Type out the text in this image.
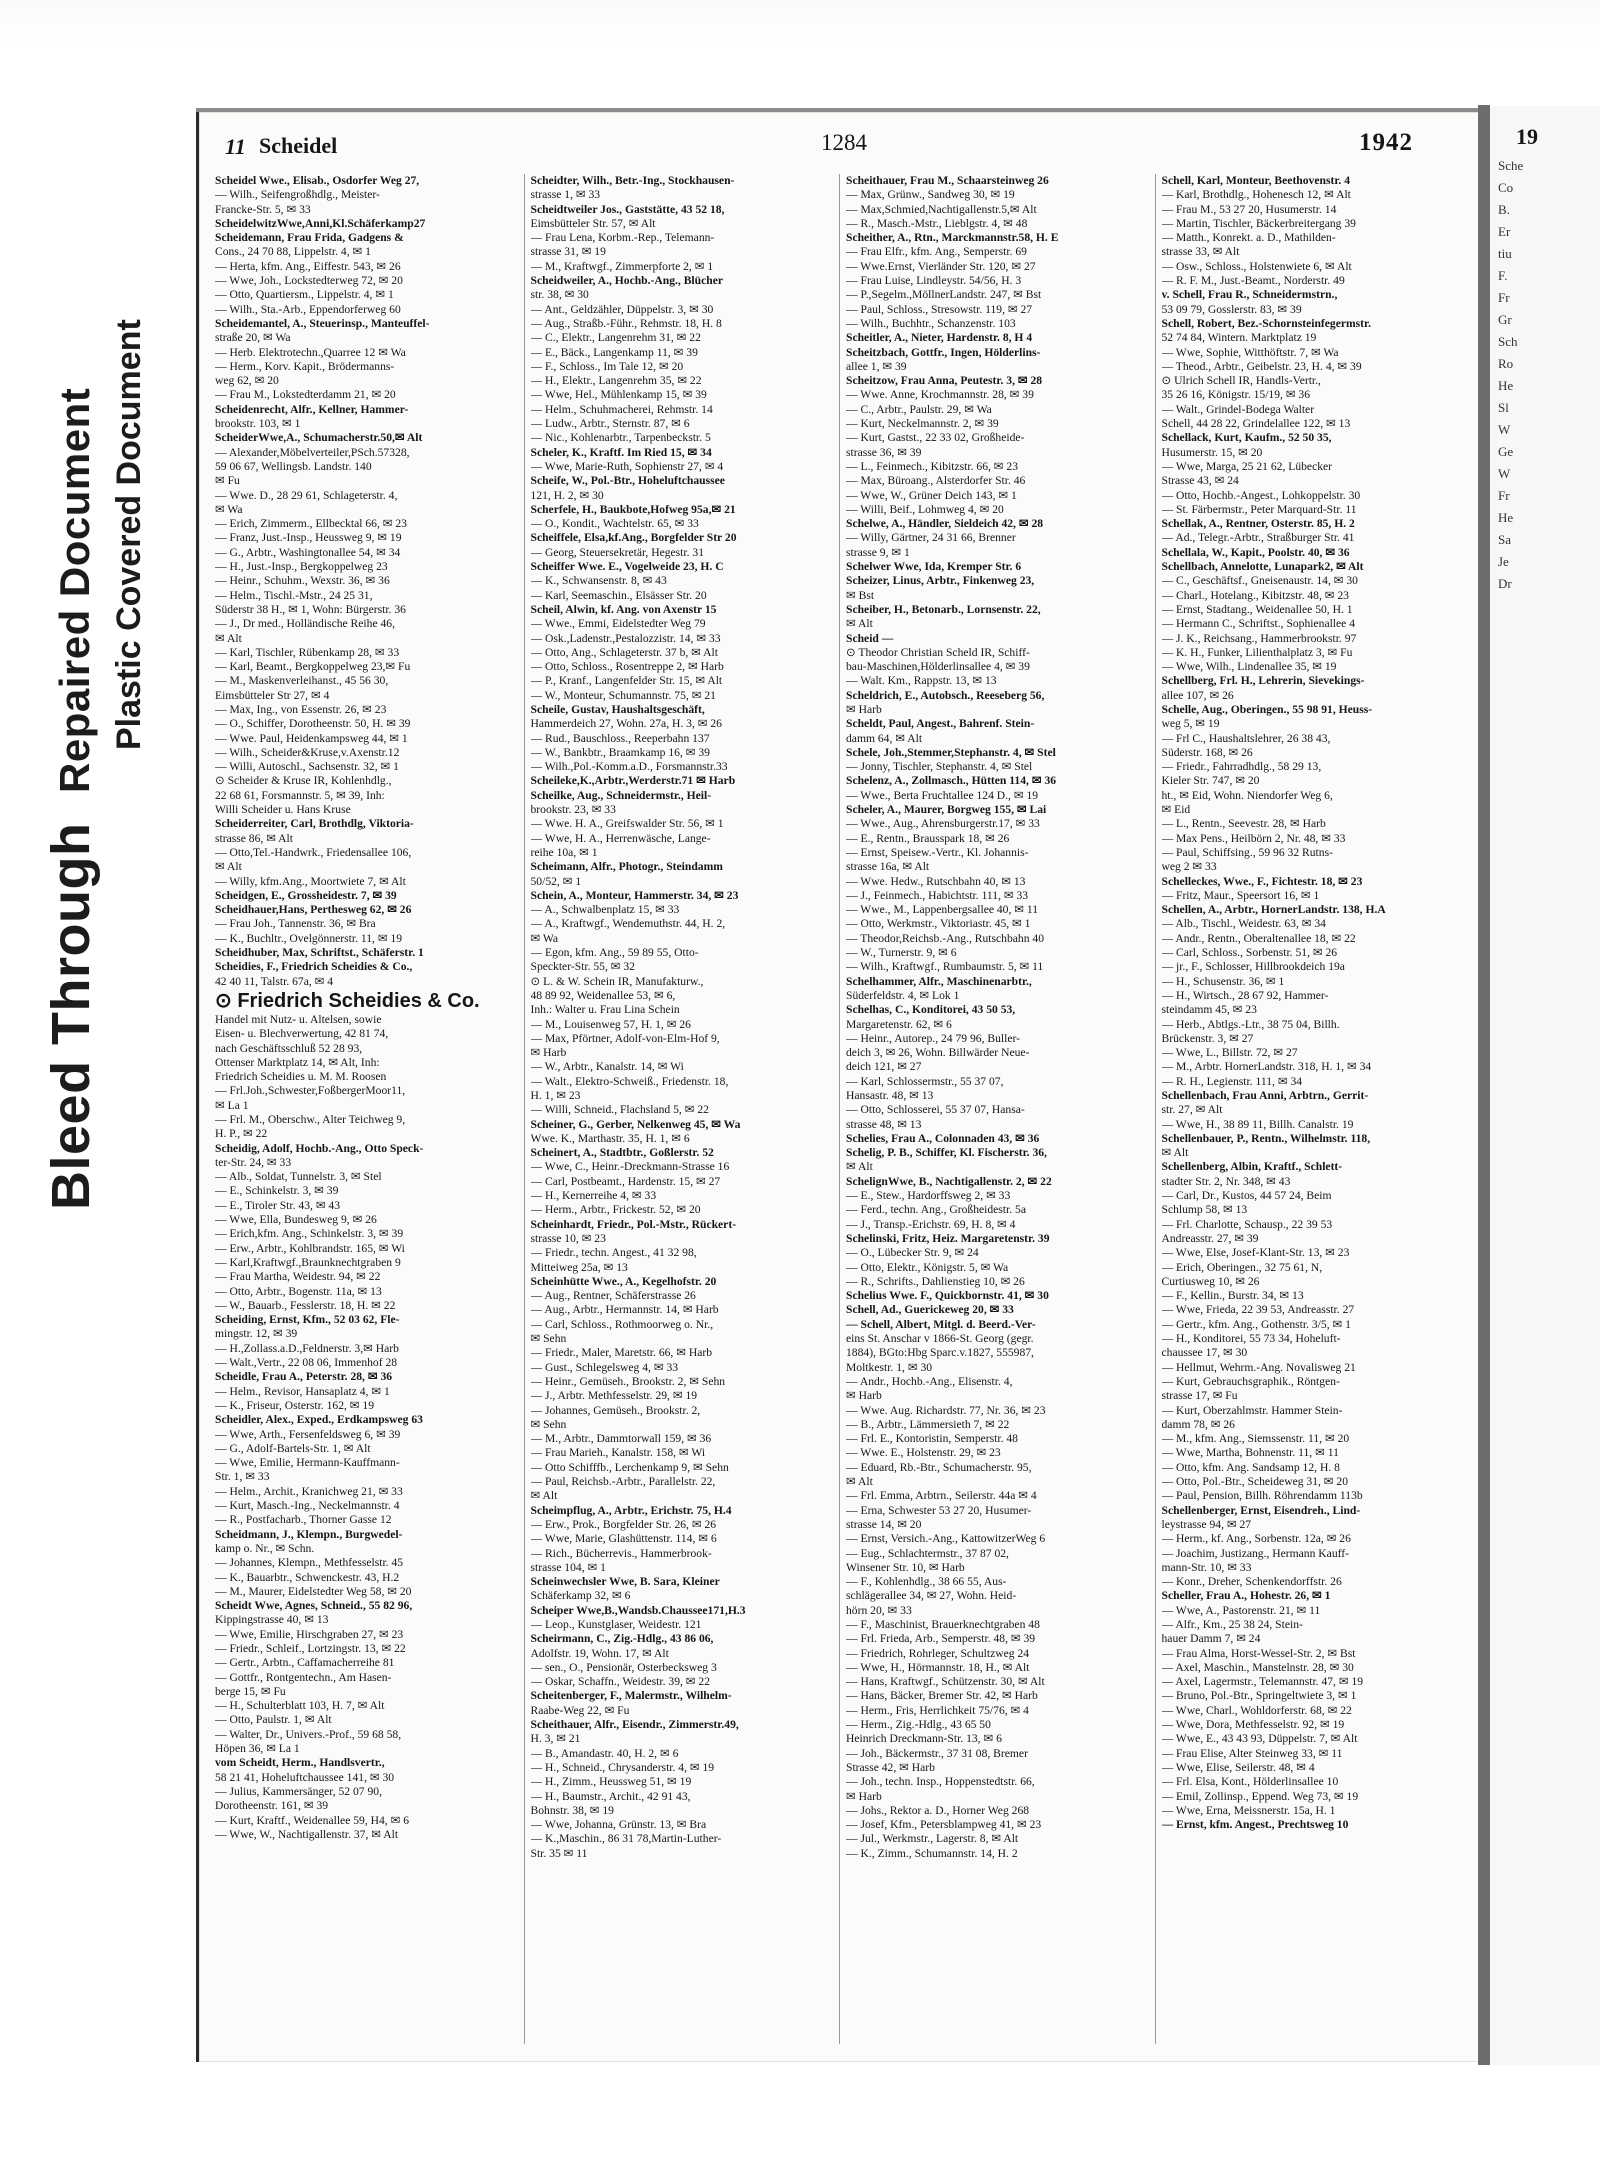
Bleed Through Repaired Document Plastic Covered Document
11 Scheidel	1284	1942

Scheidel Wwe., Elisab., Osdorfer Weg 27,

— Wilh., Seifengroßhdlg., Meister-

Francke-Str. 5, ✉ 33

ScheidelwitzWwe,Anni,Kl.Schäferkamp27

Scheidemann, Frau Frida, Gadgens &

Cons., 24 70 88, Lippelstr. 4, ✉ 1

— Herta, kfm. Ang., Eiffestr. 543, ✉ 26

— Wwe, Joh., Lockstedterweg 72, ✉ 20

— Otto, Quartiersm., Lippelstr. 4, ✉ 1

— Wilh., Sta.-Arb., Eppendorferweg 60

Scheidemantel, A., Steuerinsp., Manteuffel-

straße 20, ✉ Wa

— Herb. Elektrotechn.,Quarree 12 ✉ Wa

— Herm., Korv. Kapit., Brödermanns-

weg 62, ✉ 20

— Frau M., Lokstedterdamm 21, ✉ 20

Scheidenrecht, Alfr., Kellner, Hammer-

brookstr. 103, ✉ 1

ScheiderWwe,A., Schumacherstr.50,✉ Alt

— Alexander,Möbelverteiler,PSch.57328,

59 06 67, Wellingsb. Landstr. 140

✉ Fu

— Wwe. D., 28 29 61, Schlageterstr. 4,

✉ Wa

— Erich, Zimmerm., Ellbecktal 66, ✉ 23

— Franz, Just.-Insp., Heussweg 9, ✉ 19

— G., Arbtr., Washingtonallee 54, ✉ 34

— H., Just.-Insp., Bergkoppelweg 23

— Heinr., Schuhm., Wexstr. 36, ✉ 36

— Helm., Tischl.-Mstr., 24 25 31,

Süderstr 38 H., ✉ 1, Wohn: Bürgerstr. 36

— J., Dr med., Holländische Reihe 46,

✉ Alt

— Karl, Tischler, Rübenkamp 28, ✉ 33

— Karl, Beamt., Bergkoppelweg 23,✉ Fu

— M., Maskenverleihanst., 45 56 30,

Eimsbütteler Str 27, ✉ 4

— Max, Ing., von Essenstr. 26, ✉ 23

— O., Schiffer, Dorotheenstr. 50, H. ✉ 39

— Wwe. Paul, Heidenkampsweg 44, ✉ 1

— Wilh., Scheider&Kruse,v.Axenstr.12

— Willi, Autoschl., Sachsenstr. 32, ✉ 1

⊙ Scheider & Kruse IR, Kohlenhdlg.,

22 68 61, Forsmannstr. 5, ✉ 39, Inh:

Willi Scheider u. Hans Kruse

Scheiderreiter, Carl, Brothdlg, Viktoria-

strasse 86, ✉ Alt

— Otto,Tel.-Handwrk., Friedensallee 106,

✉ Alt

— Willy, kfm.Ang., Moortwiete 7, ✉ Alt

Scheidgen, E., Grossheidestr. 7, ✉ 39

Scheidhauer,Hans, Perthesweg 62, ✉ 26

— Frau Joh., Tannenstr. 36, ✉ Bra

— K., Buchltr., Ovelgönnerstr. 11, ✉ 19

Scheidhuber, Max, Schriftst., Schäferstr. 1

Scheidies, F., Friedrich Scheidies & Co.,

42 40 11, Talstr. 67a, ✉ 4

⊙ Friedrich Scheidies & Co.

Handel mit Nutz- u. Altelsen, sowie

Eisen- u. Blechverwertung, 42 81 74,

nach Geschäftsschluß 52 28 93,

Ottenser Marktplatz 14, ✉ Alt, Inh:

Friedrich Scheidies u. M. M. Roosen

— Frl.Joh.,Schwester,FoßbergerMoor11,

✉ La 1

— Frl. M., Oberschw., Alter Teichweg 9,

H. P., ✉ 22

Scheidig, Adolf, Hochb.-Ang., Otto Speck-

ter-Str. 24, ✉ 33

— Alb., Soldat, Tunnelstr. 3, ✉ Stel

— E., Schinkelstr. 3, ✉ 39

— E., Tiroler Str. 43, ✉ 43

— Wwe, Ella, Bundesweg 9, ✉ 26

— Erich,kfm. Ang., Schinkelstr. 3, ✉ 39

— Erw., Arbtr., Kohlbrandstr. 165, ✉ Wi

— Karl,Kraftwgf.,Braunknechtgraben 9

— Frau Martha, Weidestr. 94, ✉ 22

— Otto, Arbtr., Bogenstr. 11a, ✉ 13

— W., Bauarb., Fesslerstr. 18, H. ✉ 22

Scheiding, Ernst, Kfm., 52 03 62, Fle-

mingstr. 12, ✉ 39

— H.,Zollass.a.D.,Feldnerstr. 3,✉ Harb

— Walt.,Vertr., 22 08 06, Immenhof 28

Scheidle, Frau A., Peterstr. 28, ✉ 36

— Helm., Revisor, Hansaplatz 4, ✉ 1

— K., Friseur, Osterstr. 162, ✉ 19

Scheidler, Alex., Exped., Erdkampsweg 63

— Wwe, Arth., Fersenfeldsweg 6, ✉ 39

— G., Adolf-Bartels-Str. 1, ✉ Alt

— Wwe, Emilie, Hermann-Kauffmann-

Str. 1, ✉ 33

— Helm., Archit., Kranichweg 21, ✉ 33

— Kurt, Masch.-Ing., Neckelmannstr. 4

— R., Postfacharb., Thorner Gasse 12

Scheidmann, J., Klempn., Burgwedel-

kamp o. Nr., ✉ Schn.

— Johannes, Klempn., Methfesselstr. 45

— K., Bauarbtr., Schwenckestr. 43, H.2

— M., Maurer, Eidelstedter Weg 58, ✉ 20

Scheidt Wwe, Agnes, Schneid., 55 82 96,

Kippingstrasse 40, ✉ 13

— Wwe, Emilie, Hirschgraben 27, ✉ 23

— Friedr., Schleif., Lortzingstr. 13, ✉ 22

— Gertr., Arbtn., Caffamacherreihe 81

— Gottfr., Rontgentechn., Am Hasen-

berge 15, ✉ Fu

— H., Schulterblatt 103, H. 7, ✉ Alt

— Otto, Paulstr. 1, ✉ Alt

— Walter, Dr., Univers.-Prof., 59 68 58,

Höpen 36, ✉ La 1

vom Scheidt, Herm., Handlsvertr.,

58 21 41, Hoheluftchaussee 141, ✉ 30

— Julius, Kammersänger, 52 07 90,

Dorotheenstr. 161, ✉ 39

— Kurt, Kraftf., Weidenallee 59, H4, ✉ 6

— Wwe, W., Nachtigallenstr. 37, ✉ Alt

Scheidter, Wilh., Betr.-Ing., Stockhausen-

strasse 1, ✉ 33

Scheidtweiler Jos., Gaststätte, 43 52 18,

Eimsbütteler Str. 57, ✉ Alt

— Frau Lena, Korbm.-Rep., Telemann-

strasse 31, ✉ 19

— M., Kraftwgf., Zimmerpforte 2, ✉ 1

Scheidweiler, A., Hochb.-Ang., Blücher

str. 38, ✉ 30

— Ant., Geldzähler, Düppelstr. 3, ✉ 30

— Aug., Straßb.-Führ., Rehmstr. 18, H. 8

— C., Elektr., Langenrehm 31, ✉ 22

— E., Bäck., Langenkamp 11, ✉ 39

— F., Schloss., Im Tale 12, ✉ 20

— H., Elektr., Langenrehm 35, ✉ 22

— Wwe, Hel., Mühlenkamp 15, ✉ 39

— Helm., Schuhmacherei, Rehmstr. 14

— Ludw., Arbtr., Sternstr. 87, ✉ 6

— Nic., Kohlenarbtr., Tarpenbeckstr. 5

Scheler, K., Kraftf. Im Ried 15, ✉ 34

— Wwe, Marie-Ruth, Sophienstr 27, ✉ 4

Scheife, W., Pol.-Btr., Hoheluftchaussee

121, H. 2, ✉ 30

Scherfele, H., Baukbote,Hofweg 95a,✉ 21

— O., Kondit., Wachtelstr. 65, ✉ 33

Scheiffele, Elsa,kf.Ang., Borgfelder Str 20

— Georg, Steuersekretär, Hegestr. 31

Scheiffer Wwe. E., Vogelweide 23, H. C

— K., Schwansenstr. 8, ✉ 43

— Karl, Seemaschin., Elsässer Str. 20

Scheil, Alwin, kf. Ang. von Axenstr 15

— Wwe., Emmi, Eidelstedter Weg 79

— Osk.,Ladenstr.,Pestalozzistr. 14, ✉ 33

— Otto, Ang., Schlageterstr. 37 b, ✉ Alt

— Otto, Schloss., Rosentreppe 2, ✉ Harb

— P., Kranf., Langenfelder Str. 15, ✉ Alt

— W., Monteur, Schumannstr. 75, ✉ 21

Scheile, Gustav, Haushaltsgeschäft,

Hammerdeich 27, Wohn. 27a, H. 3, ✉ 26

— Rud., Bauschloss., Reeperbahn 137

— W., Bankbtr., Braamkamp 16, ✉ 39

— Wilh.,Pol.-Komm.a.D., Forsmannstr.33

Scheileke,K.,Arbtr.,Werderstr.71 ✉ Harb

Scheilke, Aug., Schneidermstr., Heil-

brookstr. 23, ✉ 33

— Wwe. H. A., Greifswalder Str. 56, ✉ 1

— Wwe, H. A., Herrenwäsche, Lange-

reihe 10a, ✉ 1

Scheimann, Alfr., Photogr., Steindamm

50/52, ✉ 1

Schein, A., Monteur, Hammerstr. 34, ✉ 23

— A., Schwalbenplatz 15, ✉ 33

— A., Kraftwgf., Wendemuthstr. 44, H. 2,

✉ Wa

— Egon, kfm. Ang., 59 89 55, Otto-

Speckter-Str. 55, ✉ 32

⊙ L. & W. Schein IR, Manufakturw.,

48 89 92, Weidenallee 53, ✉ 6,

Inh.: Walter u. Frau Lina Schein

— M., Louisenweg 57, H. 1, ✉ 26

— Max, Pförtner, Adolf-von-Elm-Hof 9,

✉ Harb

— W., Arbtr., Kanalstr. 14, ✉ Wi

— Walt., Elektro-Schweiß., Friedenstr. 18,

H. 1, ✉ 23

— Willi, Schneid., Flachsland 5, ✉ 22

Scheiner, G., Gerber, Nelkenweg 45, ✉ Wa

Wwe. K., Marthastr. 35, H. 1, ✉ 6

Scheinert, A., Stadtbtr., Goßlerstr. 52

— Wwe, C., Heinr.-Dreckmann-Strasse 16

— Carl, Postbeamt., Hardenstr. 15, ✉ 27

— H., Kernerreihe 4, ✉ 33

— Herm., Arbtr., Frickestr. 52, ✉ 20

Scheinhardt, Friedr., Pol.-Mstr., Rückert-

strasse 10, ✉ 23

— Friedr., techn. Angest., 41 32 98,

Mitteiweg 25a, ✉ 13

Scheinhütte Wwe., A., Kegelhofstr. 20

— Aug., Rentner, Schäferstrasse 26

— Aug., Arbtr., Hermannstr. 14, ✉ Harb

— Carl, Schloss., Rothmoorweg o. Nr.,

✉ Sehn

— Friedr., Maler, Maretstr. 66, ✉ Harb

— Gust., Schlegelsweg 4, ✉ 33

— Heinr., Gemüseh., Brookstr. 2, ✉ Sehn

— J., Arbtr. Methfesselstr. 29, ✉ 19

— Johannes, Gemüseh., Brookstr. 2,

✉ Sehn

— M., Arbtr., Dammtorwall 159, ✉ 36

— Frau Marieh., Kanalstr. 158, ✉ Wi

— Otto Schifffb., Lerchenkamp 9, ✉ Sehn

— Paul, Reichsb.-Arbtr., Parallelstr. 22,

✉ Alt

Scheimpflug, A., Arbtr., Erichstr. 75, H.4

— Erw., Prok., Borgfelder Str. 26, ✉ 26

— Wwe, Marie, Glashüttenstr. 114, ✉ 6

— Rich., Bücherrevis., Hammerbrook-

strasse 104, ✉ 1

Scheinwechsler Wwe, B. Sara, Kleiner

Schäferkamp 32, ✉ 6

Scheiper Wwe,B.,Wandsb.Chaussee171,H.3

— Leop., Kunstglaser, Weidestr. 121

Scheirmann, C., Zig.-Hdlg., 43 86 06,

Adolfstr. 19, Wohn. 17, ✉ Alt

— sen., O., Pensionär, Osterbecksweg 3

— Oskar, Schaffn., Weidestr. 39, ✉ 22

Scheitenberger, F., Malermstr., Wilhelm-

Raabe-Weg 22, ✉ Fu

Scheithauer, Alfr., Eisendr., Zimmerstr.49,

H. 3, ✉ 21

— B., Amandastr. 40, H. 2, ✉ 6

— H., Schneid., Chrysanderstr. 4, ✉ 19

— H., Zimm., Heussweg 51, ✉ 19

— H., Baumstr., Archit., 42 91 43,

Bohnstr. 38, ✉ 19

— Wwe, Johanna, Grünstr. 13, ✉ Bra

— K.,Maschin., 86 31 78,Martin-Luther-

Str. 35 ✉ 11

Scheithauer, Frau M., Schaarsteinweg 26

— Max, Grünw., Sandweg 30, ✉ 19

— Max,Schmied,Nachtigallenstr.5,✉ Alt

— R., Masch.-Mstr., Lieblgstr. 4, ✉ 48

Scheither, A., Rtn., Marckmannstr.58, H. E

— Frau Elfr., kfm. Ang., Semperstr. 69

— Wwe.Ernst, Vierländer Str. 120, ✉ 27

— Frau Luise, Lindleystr. 54/56, H. 3

— P.,Segelm.,MöllnerLandstr. 247, ✉ Bst

— Paul, Schloss., Stresowstr. 119, ✉ 27

— Wilh., Buchhtr., Schanzenstr. 103

Scheitler, A., Nieter, Hardenstr. 8, H 4

Scheitzbach, Gottfr., Ingen, Hölderlins-

allee 1, ✉ 39

Scheitzow, Frau Anna, Peutestr. 3, ✉ 28

— Wwe. Anne, Krochmannstr. 28, ✉ 39

— C., Arbtr., Paulstr. 29, ✉ Wa

— Kurt, Neckelmannstr. 2, ✉ 39

— Kurt, Gastst., 22 33 02, Großheide-

strasse 36, ✉ 39

— L., Feinmech., Kibitzstr. 66, ✉ 23

— Max, Büroang., Alsterdorfer Str. 46

— Wwe, W., Grüner Deich 143, ✉ 1

— Willi, Beif., Lohmweg 4, ✉ 20

Schelwe, A., Händler, Sieldeich 42, ✉ 28

— Willy, Gärtner, 24 31 66, Brenner

strasse 9, ✉ 1

Schelwer Wwe, Ida, Kremper Str. 6

Scheizer, Linus, Arbtr., Finkenweg 23,

✉ Bst

Scheiber, H., Betonarb., Lornsenstr. 22,

✉ Alt

Scheid —

⊙ Theodor Christian Scheld IR, Schiff-

bau-Maschinen,Hölderlinsallee 4, ✉ 39

— Walt. Km., Rappstr. 13, ✉ 13

Scheldrich, E., Autobsch., Reeseberg 56,

✉ Harb

Scheldt, Paul, Angest., Bahrenf. Stein-

damm 64, ✉ Alt

Schele, Joh.,Stemmer,Stephanstr. 4, ✉ Stel

— Jonny, Tischler, Stephanstr. 4, ✉ Stel

Schelenz, A., Zollmasch., Hütten 114, ✉ 36

— Wwe., Berta Fruchtallee 124 D., ✉ 19

Scheler, A., Maurer, Borgweg 155, ✉ Lai

— Wwe., Aug., Ahrensburgerstr.17, ✉ 33

— E., Rentn., Brausspark 18, ✉ 26

— Ernst, Speisew.-Vertr., Kl. Johannis-

strasse 16a, ✉ Alt

— Wwe. Hedw., Rutschbahn 40, ✉ 13

— J., Feinmech., Habichtstr. 111, ✉ 33

— Wwe., M., Lappenbergsallee 40, ✉ 11

— Otto, Werkmstr., Viktoriastr. 45, ✉ 1

— Theodor,Reichsb.-Ang., Rutschbahn 40

— W., Turnerstr. 9, ✉ 6

— Wilh., Kraftwgf., Rumbaumstr. 5, ✉ 11

Schelhammer, Alfr., Maschinenarbtr.,

Süderfeldstr. 4, ✉ Lok 1

Schelhas, C., Konditorei, 43 50 53,

Margaretenstr. 62, ✉ 6

— Heinr., Autorep., 24 79 96, Buller-

deich 3, ✉ 26, Wohn. Billwärder Neue-

deich 121, ✉ 27

— Karl, Schlossermstr., 55 37 07,

Hansastr. 48, ✉ 13

— Otto, Schlosserei, 55 37 07, Hansa-

strasse 48, ✉ 13

Schelies, Frau A., Colonnaden 43, ✉ 36

Schelig, P. B., Schiffer, Kl. Fischerstr. 36,

✉ Alt

SchelignWwe, B., Nachtigallenstr. 2, ✉ 22

— E., Stew., Hardorffsweg 2, ✉ 33

— Ferd., techn. Ang., Großheidestr. 5a

— J., Transp.-Erichstr. 69, H. 8, ✉ 4

Schelinski, Fritz, Heiz. Margaretenstr. 39

— O., Lübecker Str. 9, ✉ 24

— Otto, Elektr., Königstr. 5, ✉ Wa

— R., Schrifts., Dahlienstieg 10, ✉ 26

Schelius Wwe. F., Quickbornstr. 41, ✉ 30

Schell, Ad., Guerickeweg 20, ✉ 33

— Schell, Albert, Mitgl. d. Beerd.-Ver-

eins St. Anschar v 1866-St. Georg (gegr.

1884), BGto:Hbg Sparc.v.1827, 555987,

Moltkestr. 1, ✉ 30

— Andr., Hochb.-Ang., Elisenstr. 4,

✉ Harb

— Wwe. Aug. Richardstr. 77, Nr. 36, ✉ 23

— B., Arbtr., Lämmersieth 7, ✉ 22

— Frl. E., Kontoristin, Semperstr. 48

— Wwe. E., Holstenstr. 29, ✉ 23

— Eduard, Rb.-Btr., Schumacherstr. 95,

✉ Alt

— Frl. Emma, Arbtrn., Seilerstr. 44a ✉ 4

— Erna, Schwester 53 27 20, Husumer-

strasse 14, ✉ 20

— Ernst, Versich.-Ang., KattowitzerWeg 6

— Eug., Schlachtermstr., 37 87 02,

Winsener Str. 10, ✉ Harb

— F., Kohlenhdlg., 38 66 55, Aus-

schlägerallee 34, ✉ 27, Wohn. Heid-

hörn 20, ✉ 33

— F., Maschinist, Brauerknechtgraben 48

— Frl. Frieda, Arb., Semperstr. 48, ✉ 39

— Friedrich, Rohrleger, Schultzweg 24

— Wwe, H., Hörmannstr. 18, H., ✉ Alt

— Hans, Kraftwgf., Schützenstr. 30, ✉ Alt

— Hans, Bäcker, Bremer Str. 42, ✉ Harb

— Herm., Fris, Herrlichkeit 75/76, ✉ 4

— Herm., Zig.-Hdlg., 43 65 50

Heinrich Dreckmann-Str. 13, ✉ 6

— Joh., Bäckermstr., 37 31 08, Bremer

Strasse 42, ✉ Harb

— Joh., techn. Insp., Hoppenstedtstr. 66,

✉ Harb

— Johs., Rektor a. D., Horner Weg 268

— Josef, Kfm., Petersblampweg 41, ✉ 23

— Jul., Werkmstr., Lagerstr. 8, ✉ Alt

— K., Zimm., Schumannstr. 14, H. 2

Schell, Karl, Monteur, Beethovenstr. 4

— Karl, Brothdlg., Hohenesch 12, ✉ Alt

— Frau M., 53 27 20, Husumerstr. 14

— Martin, Tischler, Bäckerbreitergang 39

— Matth., Konrekt. a. D., Mathilden-

strasse 33, ✉ Alt

— Osw., Schloss., Holstenwiete 6, ✉ Alt

— R. F. M., Just.-Beamt., Norderstr. 49

v. Schell, Frau R., Schneidermstrn.,

53 09 79, Gosslerstr. 83, ✉ 39

Schell, Robert, Bez.-Schornsteinfegermstr.

52 74 84, Wintern. Marktplatz 19

— Wwe, Sophie, Witthöftstr. 7, ✉ Wa

— Theod., Arbtr., Geibelstr. 23, H. 4, ✉ 39

⊙ Ulrich Schell IR, Handls-Vertr.,

35 26 16, Königstr. 15/19, ✉ 36

— Walt., Grindel-Bodega Walter

Schell, 44 28 22, Grindelallee 122, ✉ 13

Schellack, Kurt, Kaufm., 52 50 35,

Husumerstr. 15, ✉ 20

— Wwe, Marga, 25 21 62, Lübecker

Strasse 43, ✉ 24

— Otto, Hochb.-Angest., Lohkoppelstr. 30

— St. Färbermstr., Peter Marquard-Str. 11

Schellak, A., Rentner, Osterstr. 85, H. 2

— Ad., Telegr.-Arbtr., Straßburger Str. 41

Schellala, W., Kapit., Poolstr. 40, ✉ 36

Schellbach, Annelotte, Lunapark2, ✉ Alt

— C., Geschäftsf., Gneisenaustr. 14, ✉ 30

— Charl., Hotelang., Kibitzstr. 48, ✉ 23

— Ernst, Stadtang., Weidenallee 50, H. 1

— Hermann C., Schriftst., Sophienallee 4

— J. K., Reichsang., Hammerbrookstr. 97

— K. H., Funker, Lilienthalplatz 3, ✉ Fu

— Wwe, Wilh., Lindenallee 35, ✉ 19

Schellberg, Frl. H., Lehrerin, Sievekings-

allee 107, ✉ 26

Schelle, Aug., Oberingen., 55 98 91, Heuss-

weg 5, ✉ 19

— Frl C., Haushaltslehrer, 26 38 43,

Süderstr. 168, ✉ 26

— Friedr., Fahrradhdlg., 58 29 13,

Kieler Str. 747, ✉ 20

ht., ✉ Eid, Wohn. Niendorfer Weg 6,

✉ Eid

— L., Rentn., Seevestr. 28, ✉ Harb

— Max Pens., Heilbörn 2, Nr. 48, ✉ 33

— Paul, Schiffsing., 59 96 32 Rutns-

weg 2 ✉ 33

Schelleckes, Wwe., F., Fichtestr. 18, ✉ 23

— Fritz, Maur., Speersort 16, ✉ 1

Schellen, A., Arbtr., HornerLandstr. 138, H.A

— Alb., Tischl., Weidestr. 63, ✉ 34

— Andr., Rentn., Oberaltenallee 18, ✉ 22

— Carl, Schloss., Sorbenstr. 51, ✉ 26

— jr., F., Schlosser, Hillbrookdeich 19a

— H., Schusenstr. 36, ✉ 1

— H., Wirtsch., 28 67 92, Hammer-

steindamm 45, ✉ 23

— Herb., Abtlgs.-Ltr., 38 75 04, Billh.

Brückenstr. 3, ✉ 27

— Wwe, L., Billstr. 72, ✉ 27

— M., Arbtr. HornerLandstr. 318, H. 1, ✉ 34

— R. H., Legienstr. 111, ✉ 34

Schellenbach, Frau Anni, Arbtrn., Gerrit-

str. 27, ✉ Alt

— Wwe, H., 38 89 11, Billh. Canalstr. 19

Schellenbauer, P., Rentn., Wilhelmstr. 118,

✉ Alt

Schellenberg, Albin, Kraftf., Schlett-

stadter Str. 2, Nr. 348, ✉ 43

— Carl, Dr., Kustos, 44 57 24, Beim

Schlump 58, ✉ 13

— Frl. Charlotte, Schausp., 22 39 53

Andreasstr. 27, ✉ 39

— Wwe, Else, Josef-Klant-Str. 13, ✉ 23

— Erich, Oberingen., 32 75 61, N,

Curtiusweg 10, ✉ 26

— F., Kellin., Burstr. 34, ✉ 13

— Wwe, Frieda, 22 39 53, Andreasstr. 27

— Gertr., kfm. Ang., Gothenstr. 3/5, ✉ 1

— H., Konditorei, 55 73 34, Hoheluft-

chaussee 17, ✉ 30

— Hellmut, Wehrm.-Ang. Novalisweg 21

— Kurt, Gebrauchsgraphik., Röntgen-

strasse 17, ✉ Fu

— Kurt, Oberzahlmstr. Hammer Stein-

damm 78, ✉ 26

— M., kfm. Ang., Siemssenstr. 11, ✉ 20

— Wwe, Martha, Bohnenstr. 11, ✉ 11

— Otto, kfm. Ang. Sandsamp 12, H. 8

— Otto, Pol.-Btr., Scheideweg 31, ✉ 20

— Paul, Pension, Billh. Röhrendamm 113b

Schellenberger, Ernst, Eisendreh., Lind-

leystrasse 94, ✉ 27

— Herm., kf. Ang., Sorbenstr. 12a, ✉ 26

— Joachim, Justizang., Hermann Kauff-

mann-Str. 10, ✉ 33

— Konr., Dreher, Schenkendorffstr. 26

Scheller, Frau A., Hohestr. 26, ✉ 1

— Wwe, A., Pastorenstr. 21, ✉ 11

— Alfr., Km., 25 38 24, Stein-

hauer Damm 7, ✉ 24

— Frau Alma, Horst-Wessel-Str. 2, ✉ Bst

— Axel, Maschin., Manstelnstr. 28, ✉ 30

— Axel, Lagermstr., Telemannstr. 47, ✉ 19

— Bruno, Pol.-Btr., Springeltwiete 3, ✉ 1

— Wwe, Charl., Wohldorferstr. 68, ✉ 22

— Wwe, Dora, Methfesselstr. 92, ✉ 19

— Wwe, E., 43 43 93, Düppelstr. 7, ✉ Alt

— Frau Elise, Alter Steinweg 33, ✉ 11

— Wwe, Elise, Seilerstr. 48, ✉ 4

— Frl. Elsa, Kont., Hölderlinsallee 10

— Emil, Zollinsp., Eppend. Weg 73, ✉ 19

— Wwe, Erna, Meissnerstr. 15a, H. 1

— Ernst, kfm. Angest., Prechtsweg 10

19
Sche
Co
B.
Er
tiu
F.
Fr
Gr
Sch
Ro
He
Sl
W
Ge
W
Fr
He
Sa
Je
Dr
